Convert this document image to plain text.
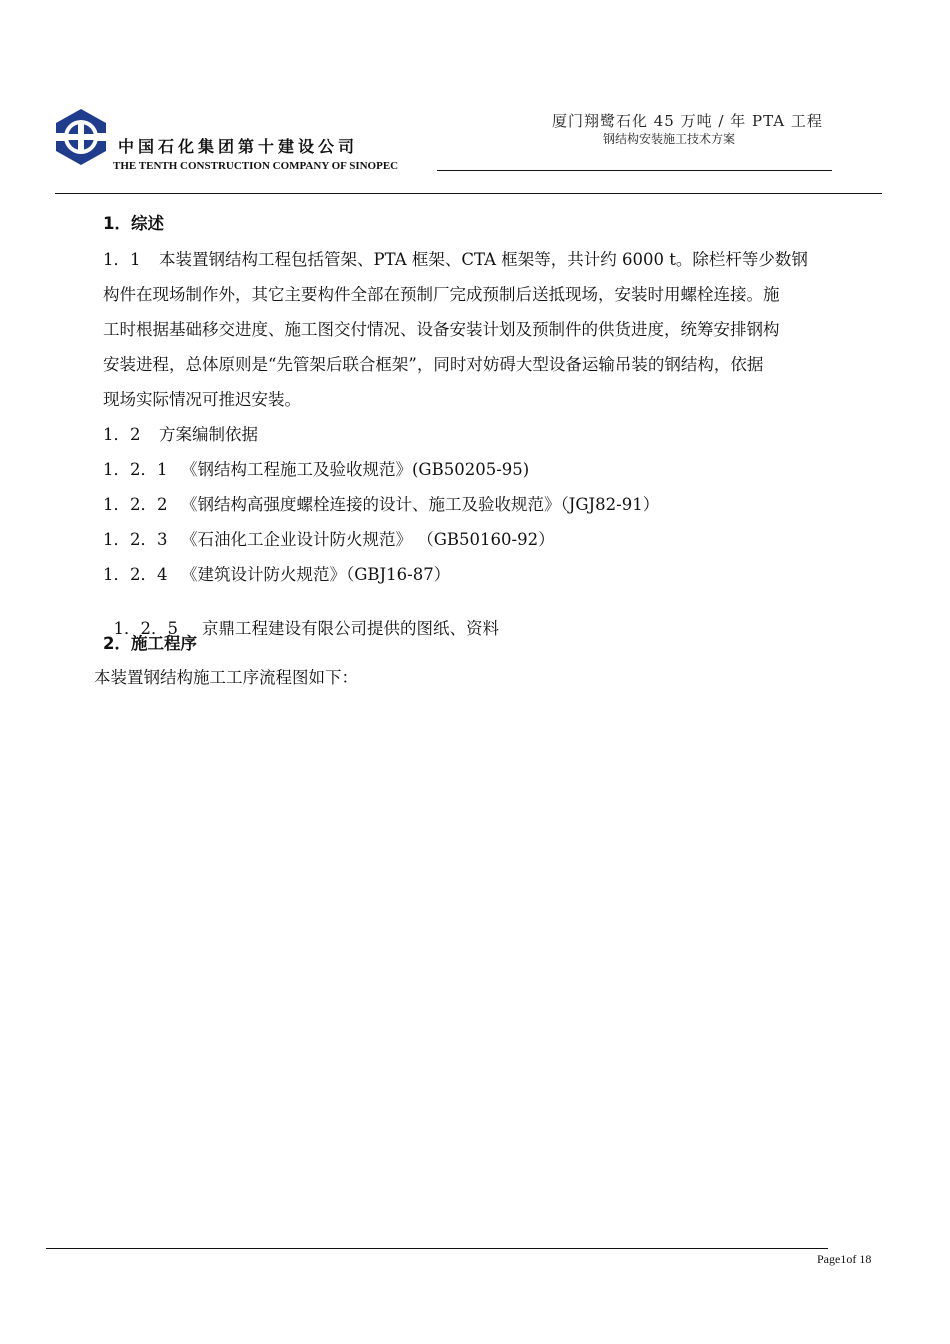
中国石化集团第十建设公司
THE TENTH CONSTRUCTION COMPANY OF SINOPEC
厦门翔鹭石化 45 万吨 / 年 PTA 工程
钢结构安装施工技术方案
1．综述
1．1 本装置钢结构工程包括管架、PTA 框架、CTA 框架等，共计约 6000 t。除栏杆等少数钢
构件在现场制作外，其它主要构件全部在预制厂完成预制后送抵现场，安装时用螺栓连接。施
工时根据基础移交进度、施工图交付情况、设备安装计划及预制件的供货进度，统筹安排钢构
安装进程，总体原则是“先管架后联合框架”，同时对妨碍大型设备运输吊装的钢结构，依据
现场实际情况可推迟安装。
1．2 方案编制依据
1．2．1 《钢结构工程施工及验收规范》(GB50205-95)
1．2．2 《钢结构高强度螺栓连接的设计、施工及验收规范》（JGJ82-91）
1．2．3 《石油化工企业设计防火规范》 （GB50160-92）
1．2．4 《建筑设计防火规范》（GBJ16-87）

1．2．5  京鼎工程建设有限公司提供的图纸、资料

2．施工程序
本装置钢结构施工工序流程图如下：
Page1of 18
